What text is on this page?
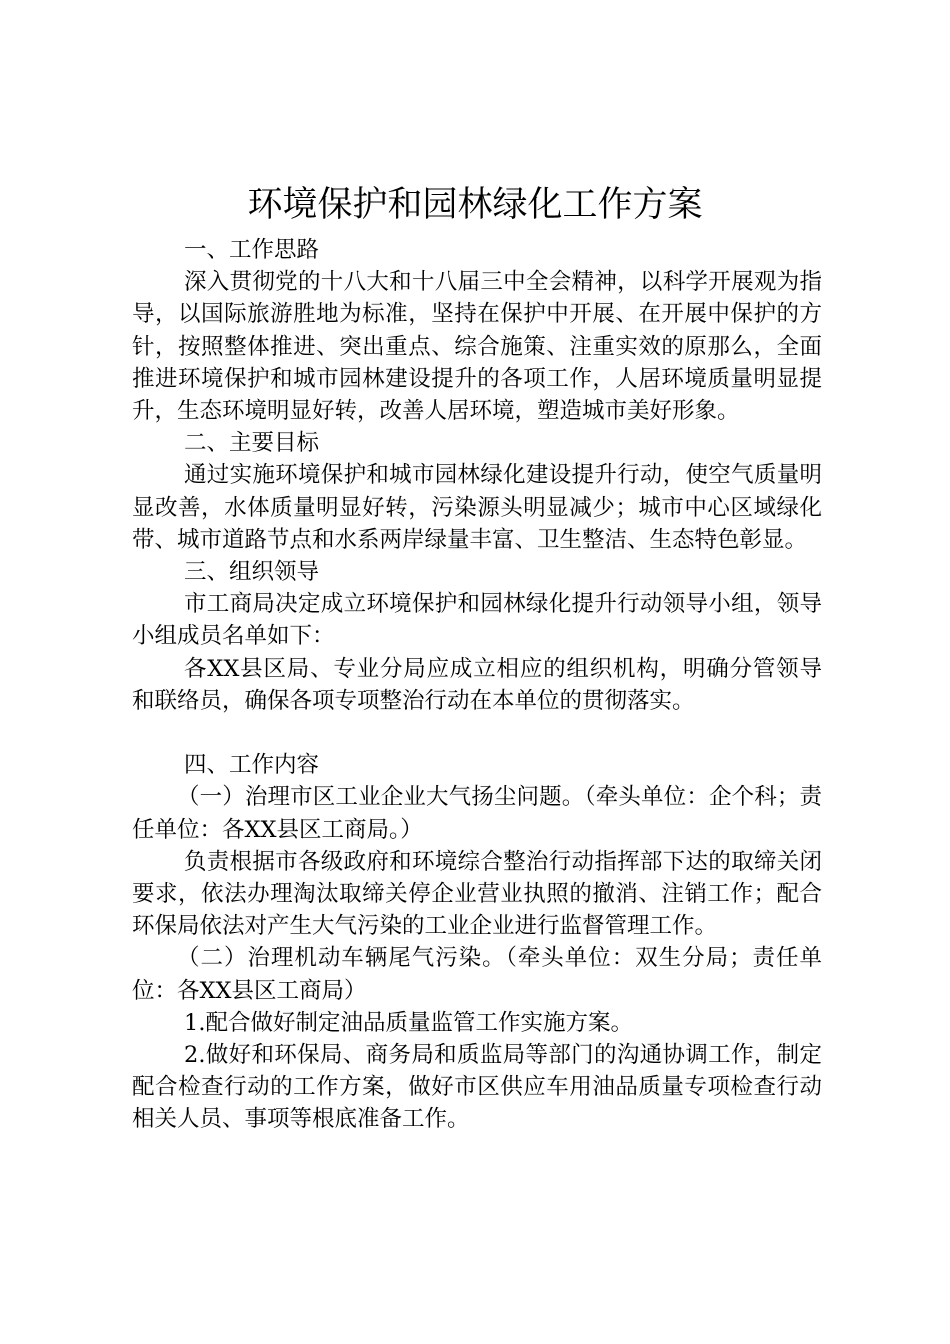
环境保护和园林绿化工作方案

一、工作思路

深入贯彻党的十八大和十八届三中全会精神，以科学开展观为指导，以国际旅游胜地为标准，坚持在保护中开展、在开展中保护的方针，按照整体推进、突出重点、综合施策、注重实效的原那么，全面推进环境保护和城市园林建设提升的各项工作，人居环境质量明显提升，生态环境明显好转，改善人居环境，塑造城市美好形象。

二、主要目标

通过实施环境保护和城市园林绿化建设提升行动，使空气质量明显改善，水体质量明显好转，污染源头明显减少；城市中心区域绿化带、城市道路节点和水系两岸绿量丰富、卫生整洁、生态特色彰显。

三、组织领导

市工商局决定成立环境保护和园林绿化提升行动领导小组，领导小组成员名单如下：

各XX县区局、专业分局应成立相应的组织机构，明确分管领导和联络员，确保各项专项整治行动在本单位的贯彻落实。

四、工作内容

（一）治理市区工业企业大气扬尘问题。（牵头单位：企个科；责任单位：各XX县区工商局。）

负责根据市各级政府和环境综合整治行动指挥部下达的取缔关闭要求，依法办理淘汰取缔关停企业营业执照的撤消、注销工作；配合环保局依法对产生大气污染的工业企业进行监督管理工作。

（二）治理机动车辆尾气污染。（牵头单位：双生分局；责任单位：各XX县区工商局）

1.配合做好制定油品质量监管工作实施方案。

2.做好和环保局、商务局和质监局等部门的沟通协调工作，制定配合检查行动的工作方案，做好市区供应车用油品质量专项检查行动相关人员、事项等根底准备工作。
